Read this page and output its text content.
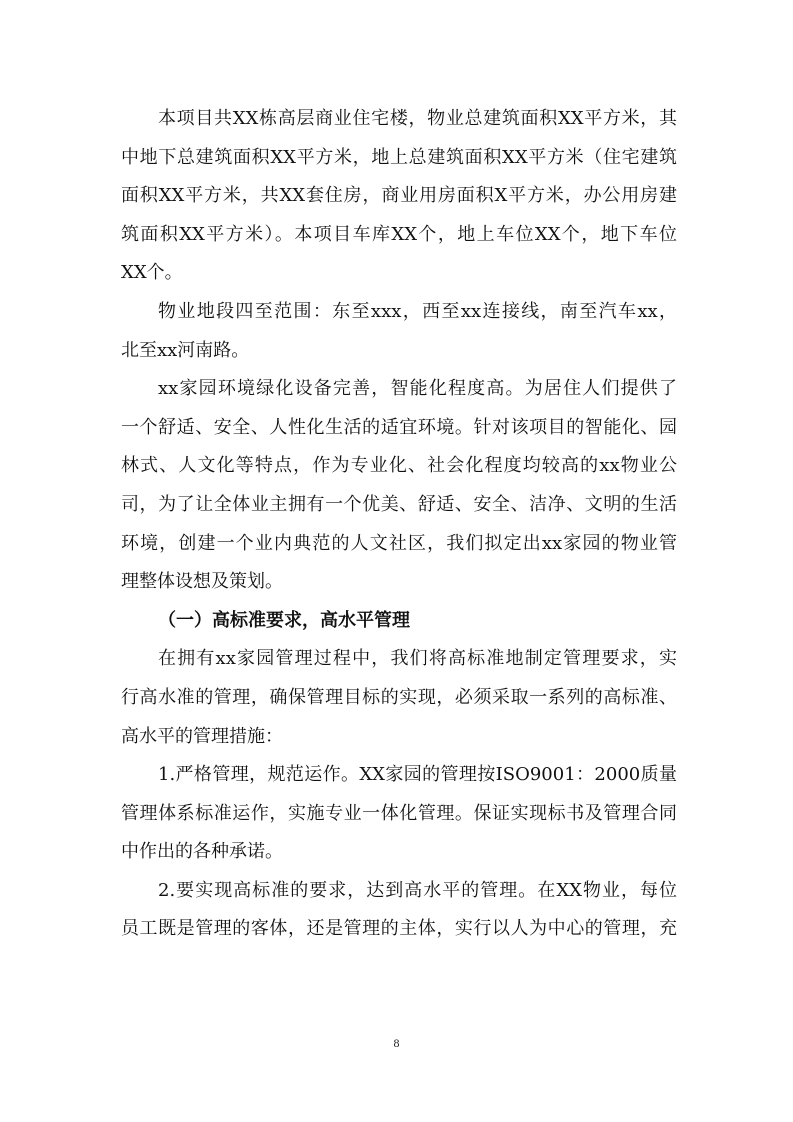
本项目共XX栋高层商业住宅楼，物业总建筑面积XX平方米，其
中地下总建筑面积XX平方米，地上总建筑面积XX平方米（住宅建筑
面积XX平方米，共XX套住房，商业用房面积X平方米，办公用房建
筑面积XX平方米）。本项目车库XX个，地上车位XX个，地下车位
XX个。
物业地段四至范围：东至xxx，西至xx连接线，南至汽车xx，
北至xx河南路。
xx家园环境绿化设备完善，智能化程度高。为居住人们提供了
一个舒适、安全、人性化生活的适宜环境。针对该项目的智能化、园
林式、人文化等特点，作为专业化、社会化程度均较高的xx物业公
司，为了让全体业主拥有一个优美、舒适、安全、洁净、文明的生活
环境，创建一个业内典范的人文社区，我们拟定出xx家园的物业管
理整体设想及策划。
（一）高标准要求，高水平管理
在拥有xx家园管理过程中，我们将高标准地制定管理要求，实
行高水准的管理，确保管理目标的实现，必须采取一系列的高标准、
高水平的管理措施：
1.严格管理，规范运作。XX家园的管理按ISO9001：2000质量
管理体系标准运作，实施专业一体化管理。保证实现标书及管理合同
中作出的各种承诺。
2.要实现高标准的要求，达到高水平的管理。在XX物业，每位
员工既是管理的客体，还是管理的主体，实行以人为中心的管理，充
8
